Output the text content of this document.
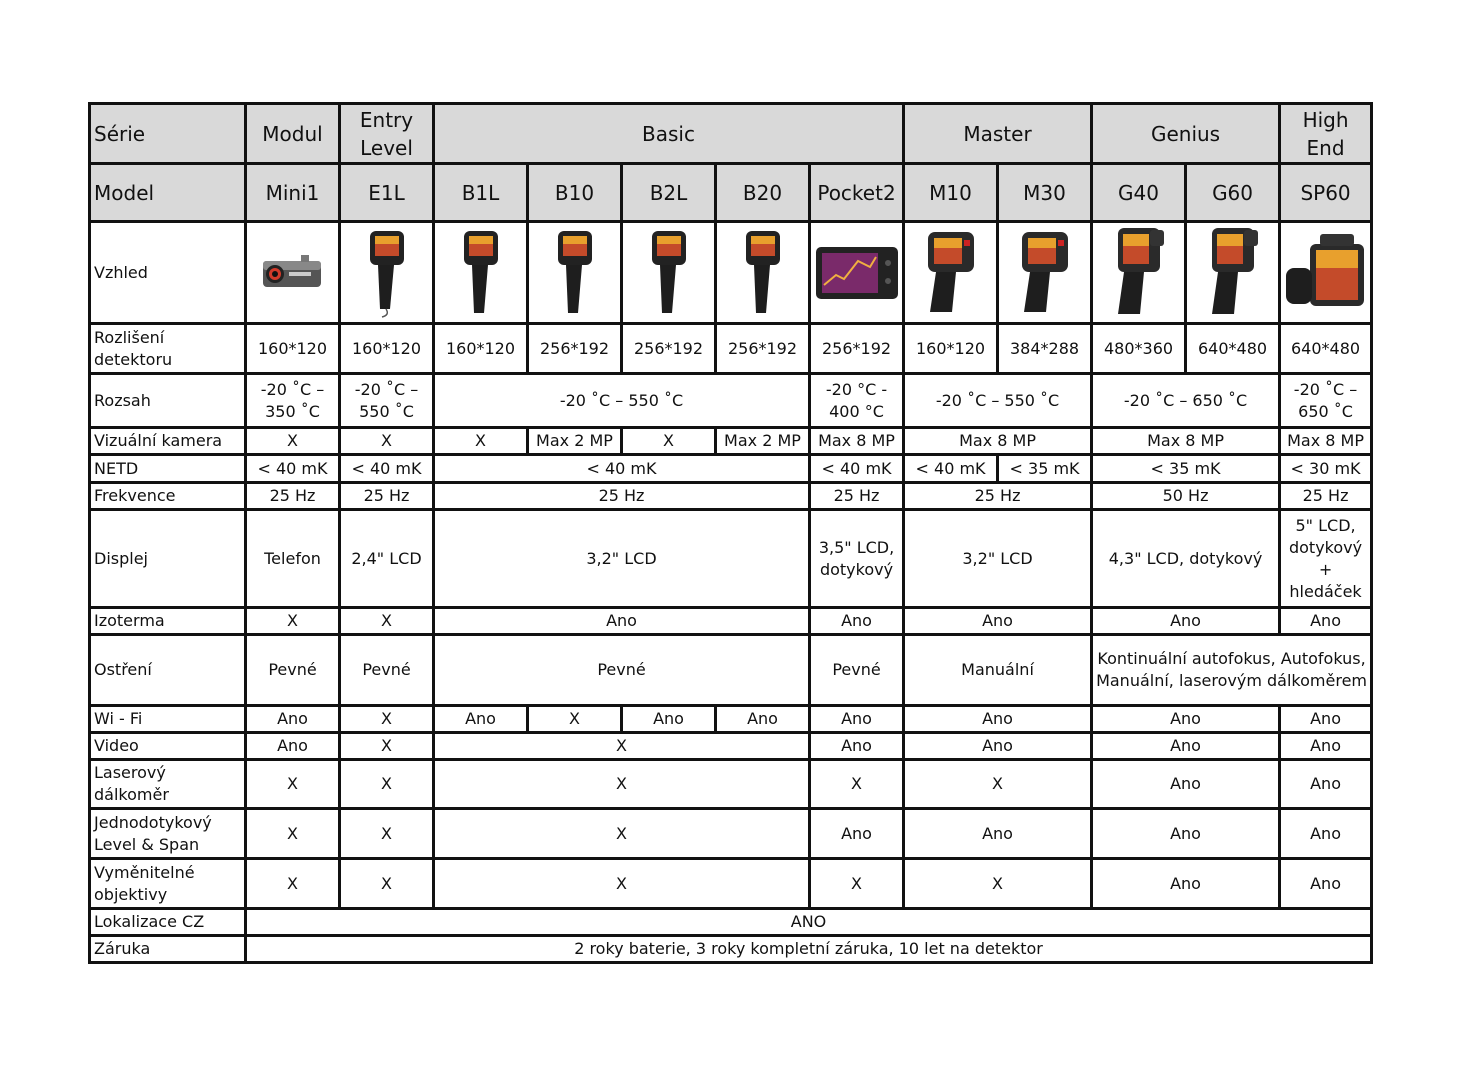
Série	Modul	Entry Level	Basic					Master		Genius		High End
Model	Mini1	E1L	B1L	B10	B2L	B20	Pocket2	M10	M30	G40	G60	SP60
Vzhled	

Rozlišení detektoru	160*120	160*120	160*120	256*192	256*192	256*192	256*192	160*120	384*288	480*360	640*480	640*480
Rozsah	-20 ˚C – 350 ˚C	-20 ˚C – 550 ˚C	-20 ˚C – 550 ˚C				-20 °C - 400 °C	-20 ˚C – 550 ˚C		-20 ˚C – 650 ˚C		-20 ˚C – 650 ˚C
Vizuální kamera	X	X	X	Max 2 MP	X	Max 2 MP	Max 8 MP	Max 8 MP		Max 8 MP		Max 8 MP
NETD	< 40 mK	< 40 mK	< 40 mK				< 40 mK	< 40 mK	< 35 mK	< 35 mK		< 30 mK
Frekvence	25 Hz	25 Hz	25 Hz				25 Hz	25 Hz		50 Hz		25 Hz
Displej	Telefon	2,4" LCD	3,2" LCD				3,5" LCD, dotykový	3,2" LCD		4,3" LCD, dotykový		5" LCD, dotykový + hledáček
Izoterma	X	X	Ano				Ano	Ano		Ano		Ano
Ostření	Pevné	Pevné	Pevné				Pevné	Manuální		Kontinuální autofokus, Autofokus, Manuální, laserovým dálkoměrem		
Wi - Fi	Ano	X	Ano	X	Ano	Ano	Ano	Ano		Ano		Ano
Video	Ano	X	X				Ano	Ano		Ano		Ano
Laserový dálkoměr	X	X	X				X	X		Ano		Ano
Jednodotykový Level & Span	X	X	X				Ano	Ano		Ano		Ano
Vyměnitelné objektivy	X	X	X				X	X		Ano		Ano
Lokalizace CZ	ANO											
Záruka	2 roky baterie, 3 roky kompletní záruka, 10 let na detektor											
